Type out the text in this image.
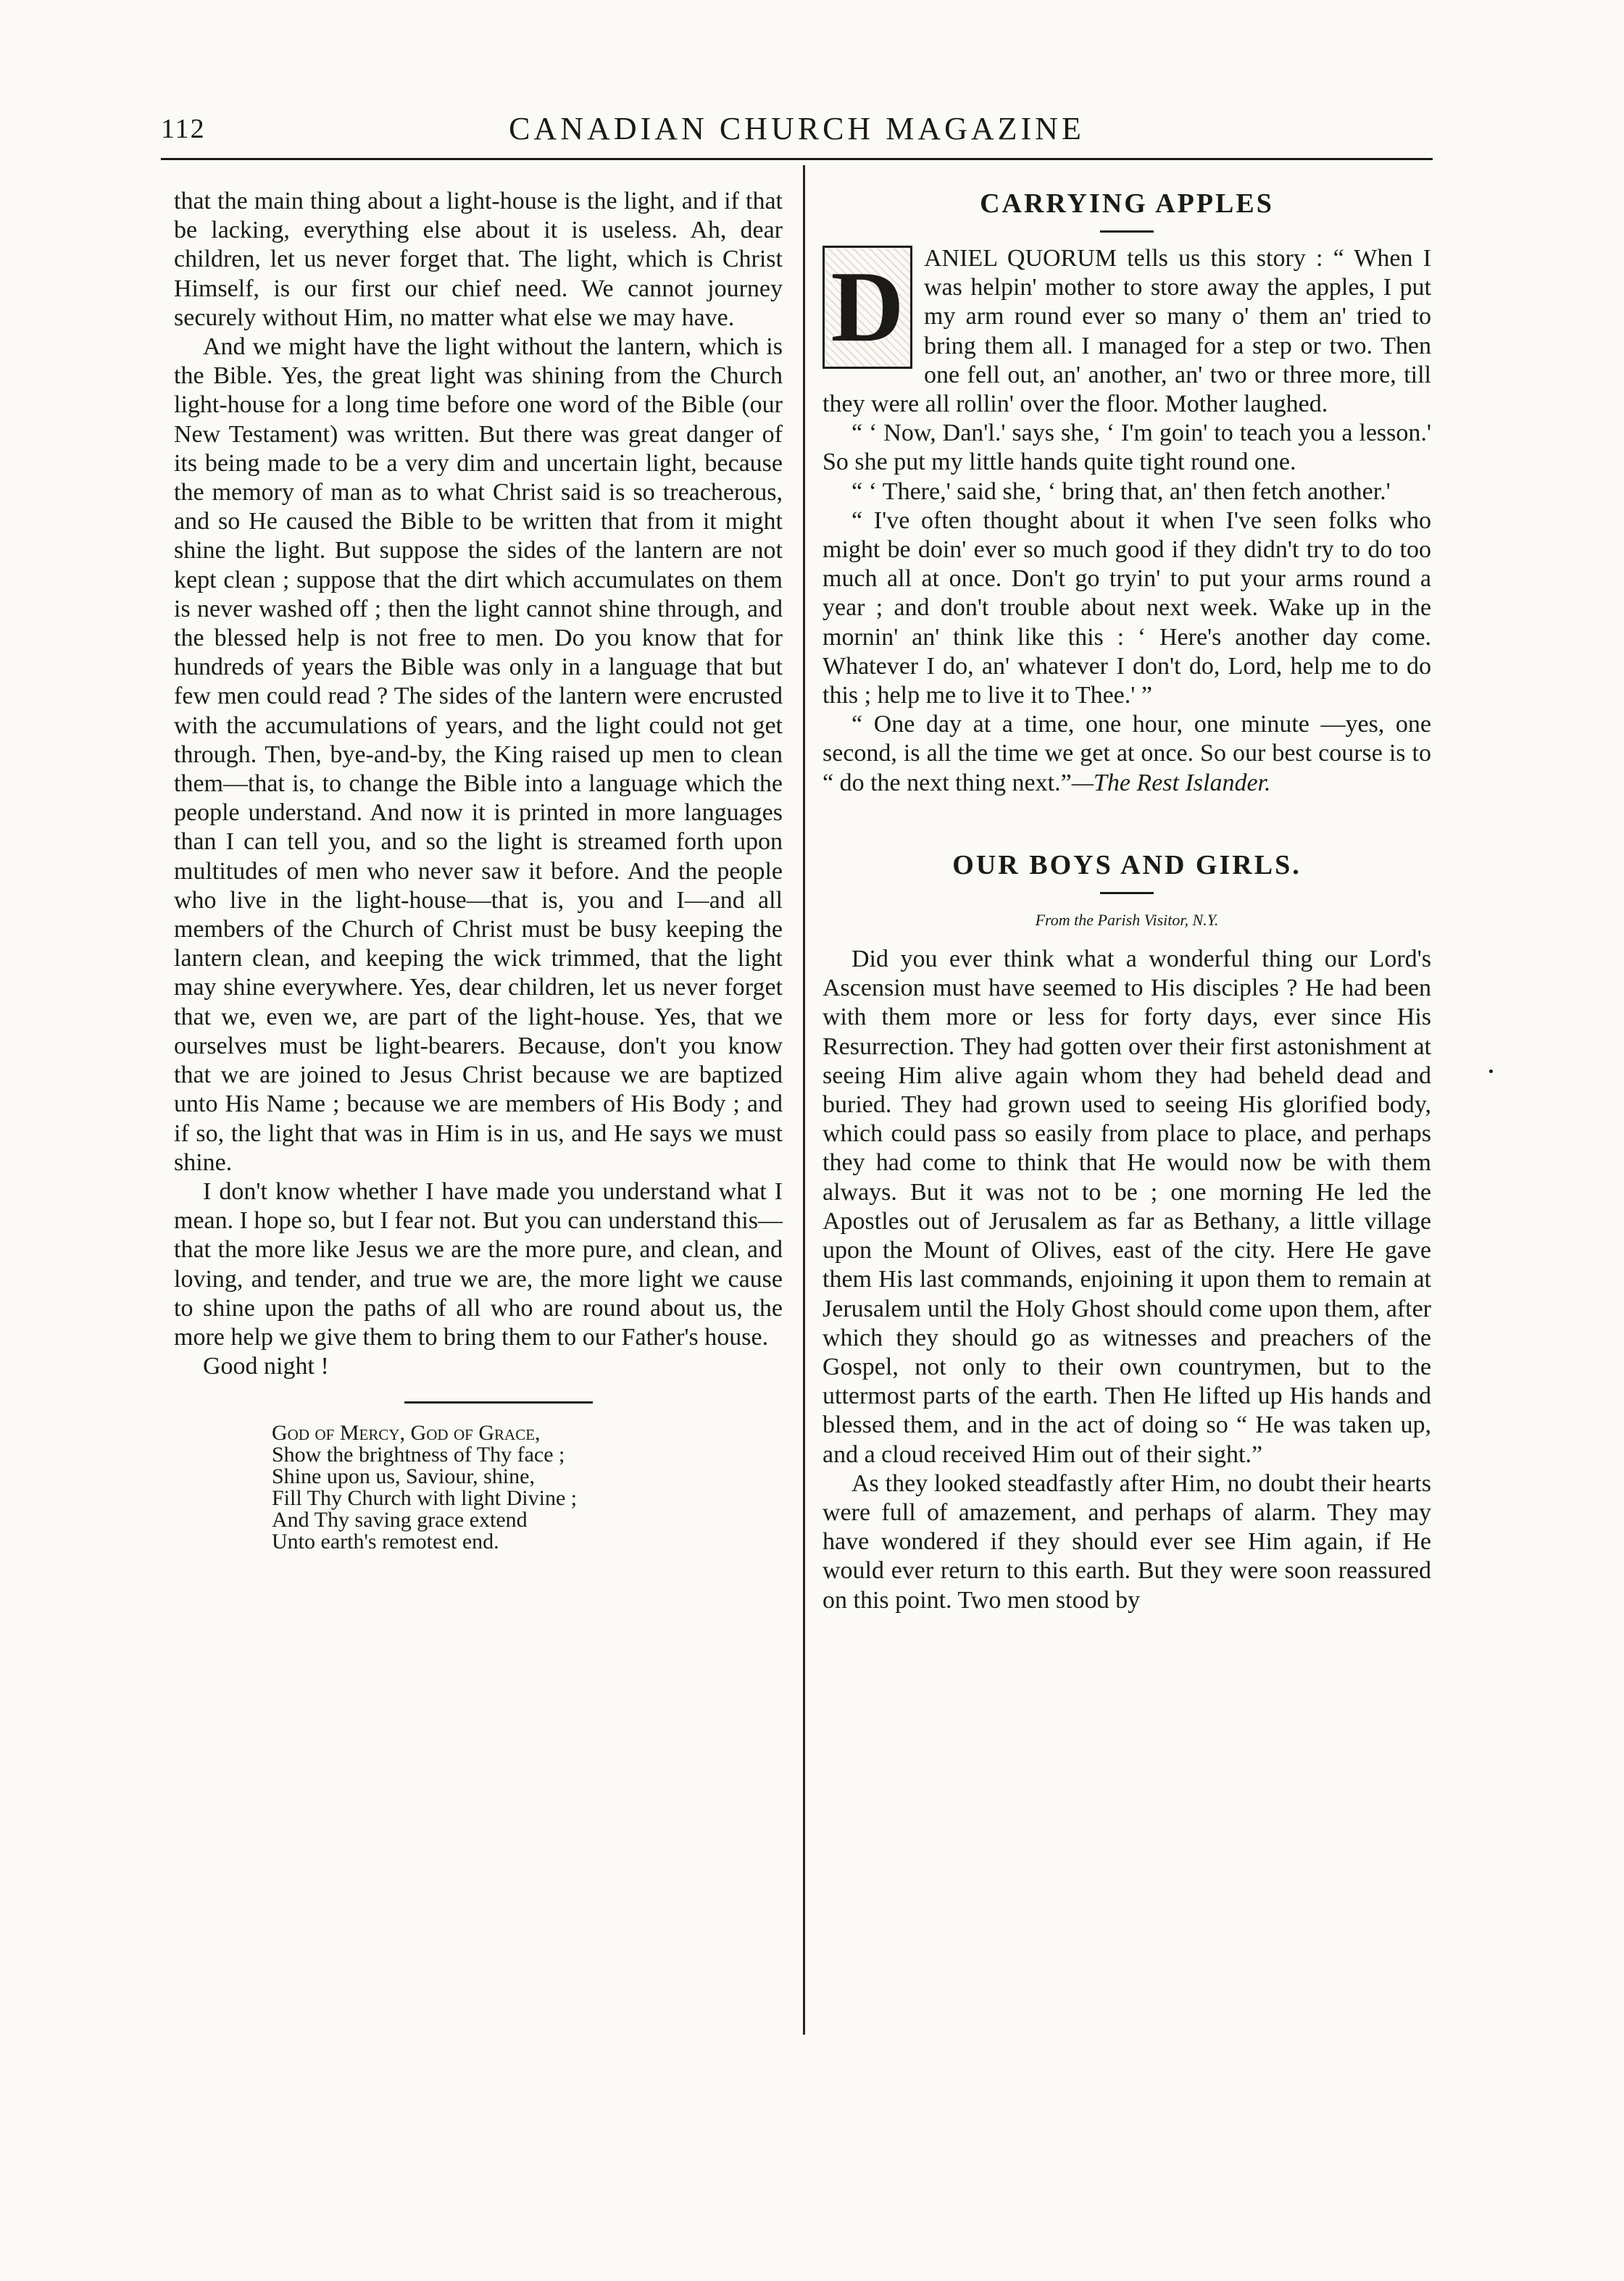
112	CANADIAN CHURCH MAGAZINE

that the main thing about a light-house is the light, and if that be lacking, everything else about it is useless. Ah, dear children, let us never forget that. The light, which is Christ Himself, is our first our chief need. We cannot journey securely without Him, no matter what else we may have.

And we might have the light without the lantern, which is the Bible. Yes, the great light was shining from the Church light-house for a long time before one word of the Bible (our New Testament) was written. But there was great danger of its being made to be a very dim and uncertain light, because the memory of man as to what Christ said is so treacherous, and so He caused the Bible to be written that from it might shine the light. But suppose the sides of the lantern are not kept clean ; suppose that the dirt which accumulates on them is never washed off ; then the light cannot shine through, and the blessed help is not free to men. Do you know that for hundreds of years the Bible was only in a language that but few men could read ? The sides of the lantern were encrusted with the accumulations of years, and the light could not get through. Then, bye-and-by, the King raised up men to clean them—that is, to change the Bible into a language which the people understand. And now it is printed in more languages than I can tell you, and so the light is streamed forth upon multitudes of men who never saw it before. And the people who live in the light-house—that is, you and I—and all members of the Church of Christ must be busy keeping the lantern clean, and keeping the wick trimmed, that the light may shine everywhere. Yes, dear children, let us never forget that we, even we, are part of the light-house. Yes, that we ourselves must be light-bearers. Because, don't you know that we are joined to Jesus Christ because we are baptized unto His Name ; because we are members of His Body ; and if so, the light that was in Him is in us, and He says we must shine.

I don't know whether I have made you understand what I mean. I hope so, but I fear not. But you can understand this—that the more like Jesus we are the more pure, and clean, and loving, and tender, and true we are, the more light we cause to shine upon the paths of all who are round about us, the more help we give them to bring them to our Father's house.

Good night !

God of Mercy, God of Grace,
Show the brightness of Thy face ;
Shine upon us, Saviour, shine,
Fill Thy Church with light Divine ;
And Thy saving grace extend
Unto earth's remotest end.
CARRYING APPLES

D ANIEL QUORUM tells us this story : “ When I was helpin' mother to store away the apples, I put my arm round ever so many o' them an' tried to bring them all. I managed for a step or two. Then one fell out, an' another, an' two or three more, till they were all rollin' over the floor. Mother laughed.

“ ‘ Now, Dan'l.' says she, ‘ I'm goin' to teach you a lesson.' So she put my little hands quite tight round one.

“ ‘ There,' said she, ‘ bring that, an' then fetch another.'

“ I've often thought about it when I've seen folks who might be doin' ever so much good if they didn't try to do too much all at once. Don't go tryin' to put your arms round a year ; and don't trouble about next week. Wake up in the mornin' an' think like this : ‘ Here's another day come. Whatever I do, an' whatever I don't do, Lord, help me to do this ; help me to live it to Thee.' ”

“ One day at a time, one hour, one minute —yes, one second, is all the time we get at once. So our best course is to “ do the next thing next.”—The Rest Islander.

OUR BOYS AND GIRLS.
From the Parish Visitor, N.Y.

Did you ever think what a wonderful thing our Lord's Ascension must have seemed to His disciples ? He had been with them more or less for forty days, ever since His Resurrection. They had gotten over their first astonishment at seeing Him alive again whom they had beheld dead and buried. They had grown used to seeing His glorified body, which could pass so easily from place to place, and perhaps they had come to think that He would now be with them always. But it was not to be ; one morning He led the Apostles out of Jerusalem as far as Bethany, a little village upon the Mount of Olives, east of the city. Here He gave them His last commands, enjoining it upon them to remain at Jerusalem until the Holy Ghost should come upon them, after which they should go as witnesses and preachers of the Gospel, not only to their own countrymen, but to the uttermost parts of the earth. Then He lifted up His hands and blessed them, and in the act of doing so “ He was taken up, and a cloud received Him out of their sight.”

As they looked steadfastly after Him, no doubt their hearts were full of amazement, and perhaps of alarm. They may have wondered if they should ever see Him again, if He would ever return to this earth. But they were soon reassured on this point. Two men stood by
